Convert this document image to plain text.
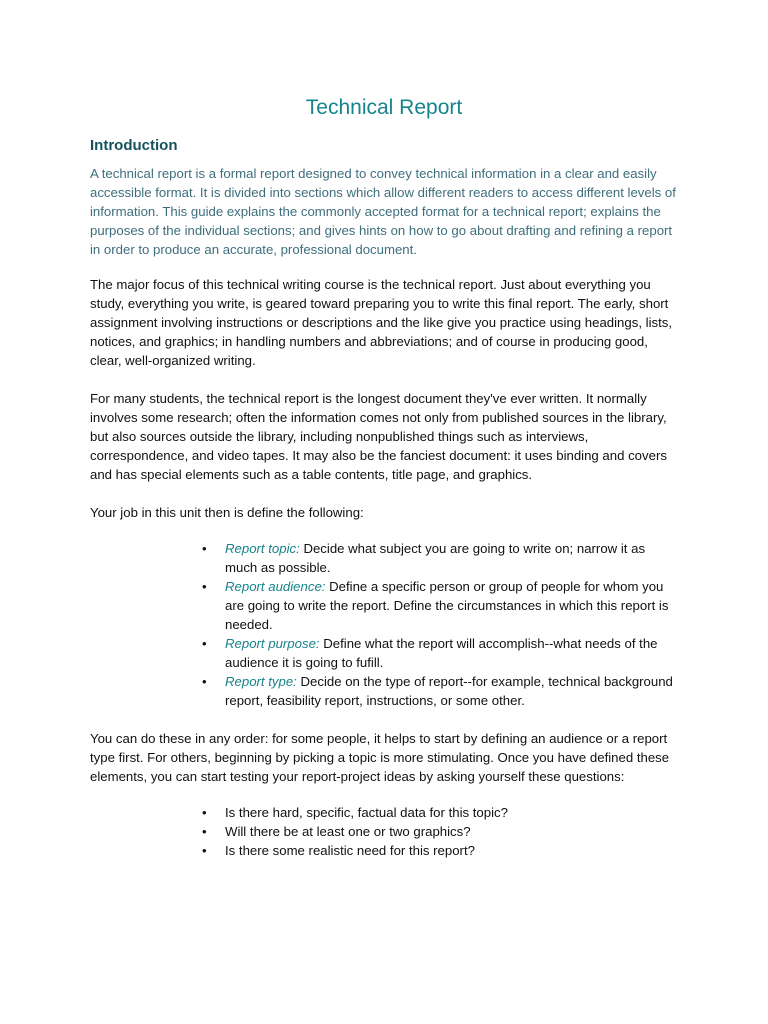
Technical Report
Introduction

A technical report is a formal report designed to convey technical information in a clear and easily accessible format. It is divided into sections which allow different readers to access different levels of information. This guide explains the commonly accepted format for a technical report; explains the purposes of the individual sections; and gives hints on how to go about drafting and refining a report in order to produce an accurate, professional document.

The major focus of this technical writing course is the technical report. Just about everything you study, everything you write, is geared toward preparing you to write this final report. The early, short assignment involving instructions or descriptions and the like give you practice using headings, lists, notices, and graphics; in handling numbers and abbreviations; and of course in producing good, clear, well-organized writing.

For many students, the technical report is the longest document they've ever written. It normally involves some research; often the information comes not only from published sources in the library, but also sources outside the library, including nonpublished things such as interviews, correspondence, and video tapes. It may also be the fanciest document: it uses binding and covers and has special elements such as a table contents, title page, and graphics.

Your job in this unit then is define the following:

• Report topic: Decide what subject you are going to write on; narrow it as much as possible.
• Report audience: Define a specific person or group of people for whom you are going to write the report. Define the circumstances in which this report is needed.
• Report purpose: Define what the report will accomplish--what needs of the audience it is going to fufill.
• Report type: Decide on the type of report--for example, technical background report, feasibility report, instructions, or some other.

You can do these in any order: for some people, it helps to start by defining an audience or a report type first. For others, beginning by picking a topic is more stimulating. Once you have defined these elements, you can start testing your report-project ideas by asking yourself these questions:

• Is there hard, specific, factual data for this topic?
• Will there be at least one or two graphics?
• Is there some realistic need for this report?
